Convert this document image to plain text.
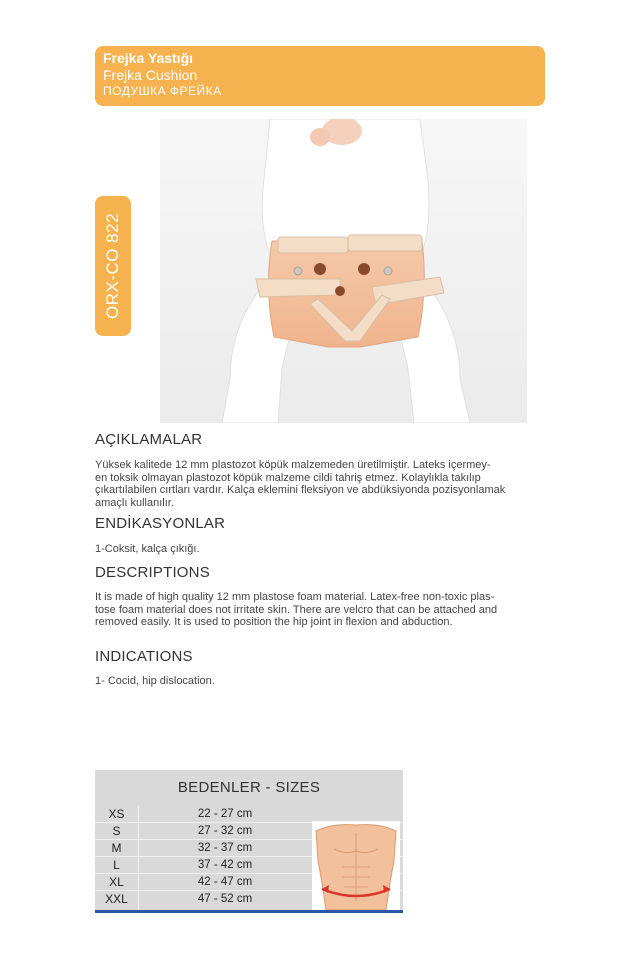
Frejka Yastığı
Frejka Cushion
ПОДУШКА ФРЕЙКА
ORX-CO 822
AÇIKLAMALAR
Yüksek kalitede 12 mm plastozot köpük malzemeden üretilmiştir. Lateks içermey-
en toksik olmayan plastozot köpük malzeme cildi tahriş etmez. Kolaylıkla takılıp
çıkartılabilen cırtları vardır. Kalça eklemini fleksiyon ve abdüksiyonda pozisyonlamak
amaçlı kullanılır.
ENDİKASYONLAR
1-Coksit, kalça çıkığı.
DESCRIPTIONS
It is made of high quality 12 mm plastose foam material. Latex-free non-toxic plas-
tose foam material does not irritate skin. There are velcro that can be attached and
removed easily. It is used to position the hip joint in flexion and abduction.
INDICATIONS
1- Cocid, hip dislocation.
BEDENLER - SIZES
XS	22 - 27 cm
S	27 - 32 cm
M	32 - 37 cm
L	37 - 42 cm
XL	42 - 47 cm
XXL	47 - 52 cm
